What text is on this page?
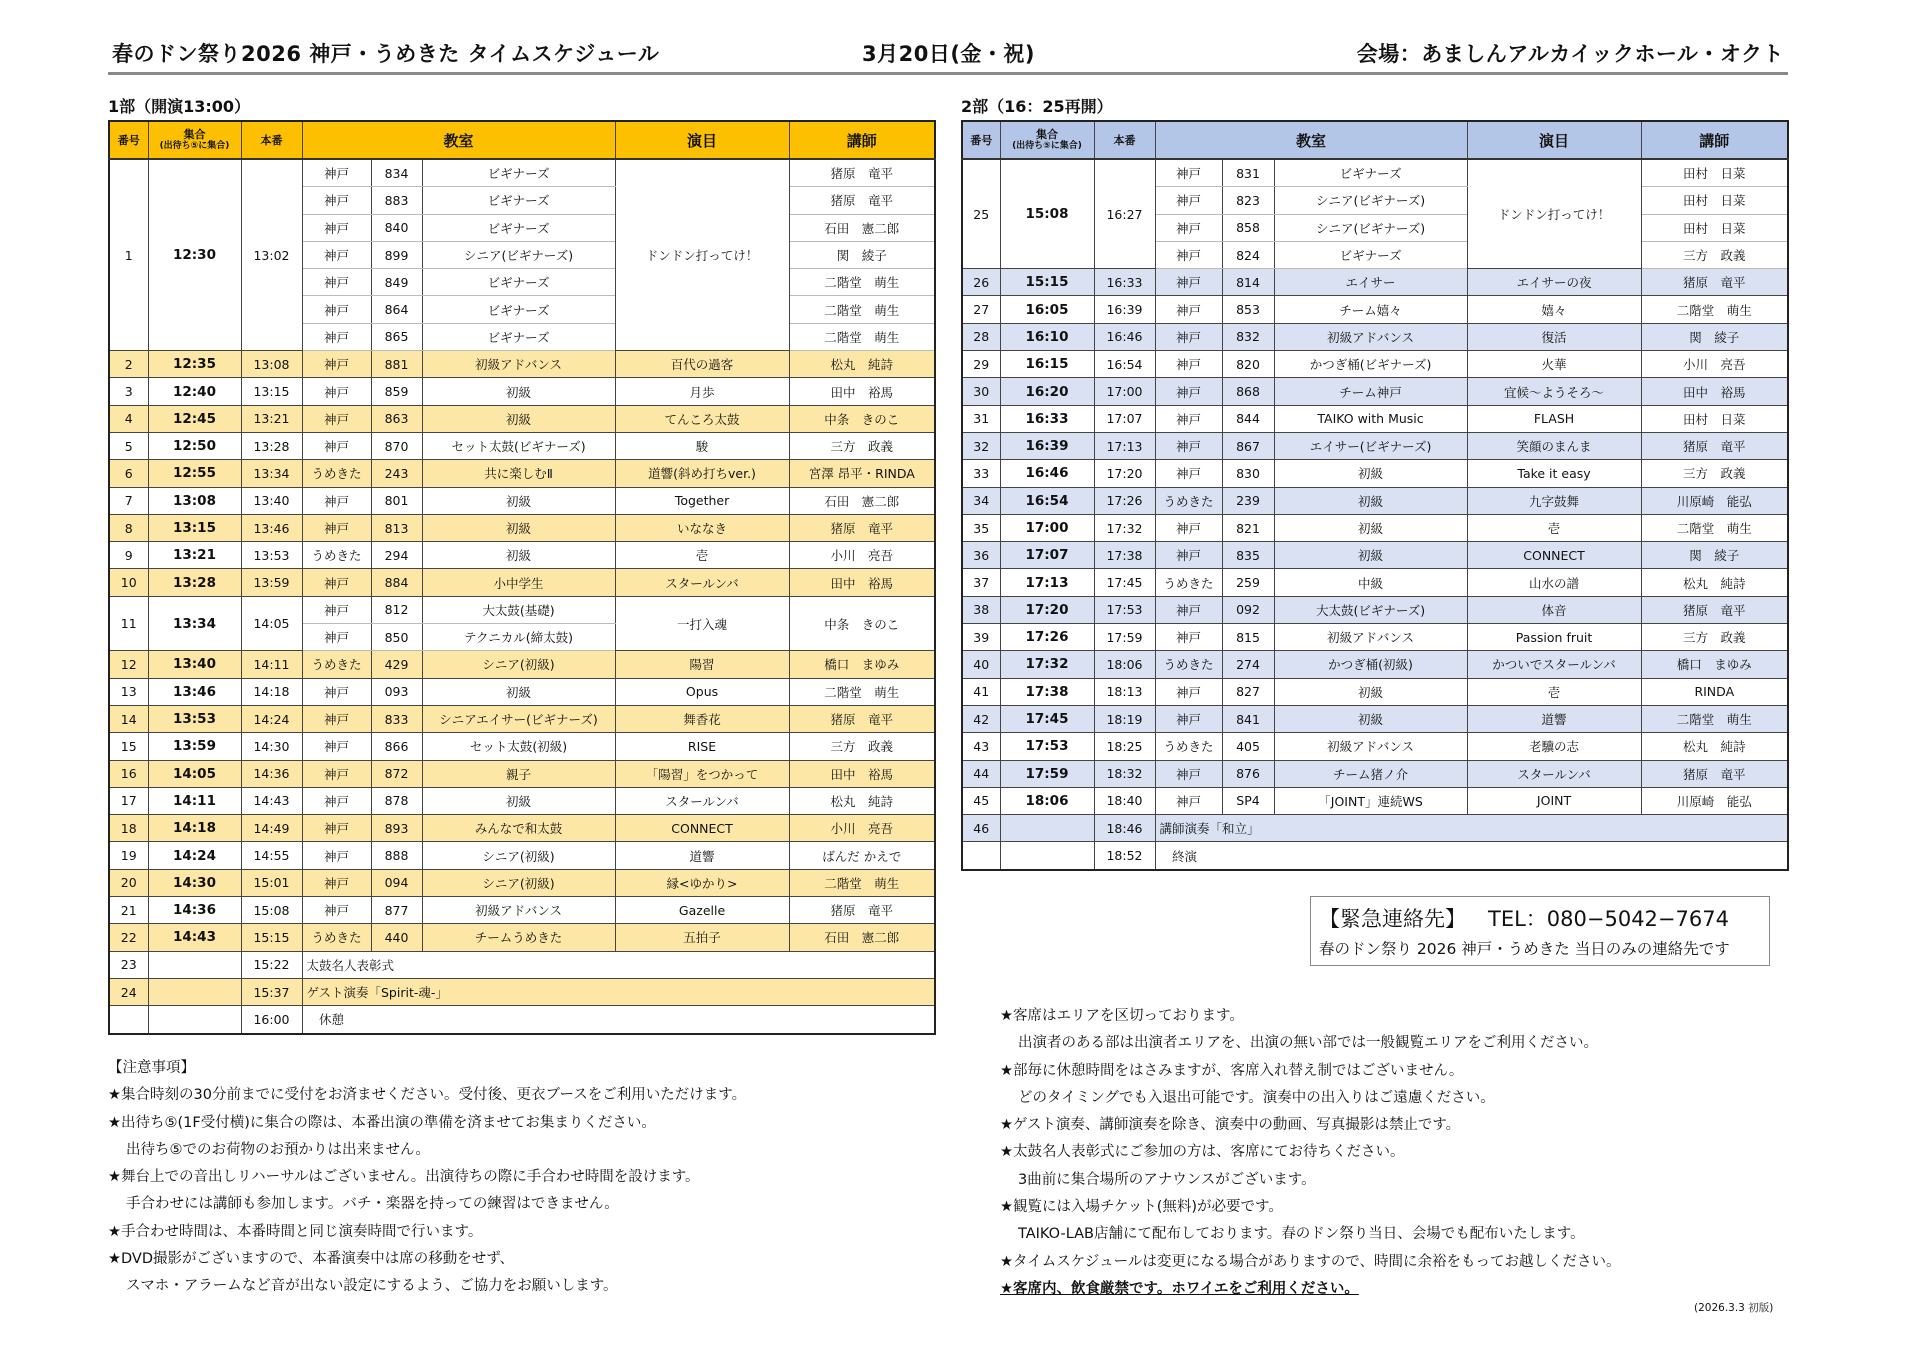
春のドン祭り2026 神戸・うめきた タイムスケジュール	3月20日(金・祝)	会場：あましんアルカイックホール・オクト
1部（開演13:00）	2部（16：25再開）
番号	集合
(出待ち⑤に集合)	本番	教室			演目	講師
1	12:30	13:02	神戸	834	ビギナーズ	ドンドン打ってけ！	猪原　竜平
			神戸	883	ビギナーズ		猪原　竜平
			神戸	840	ビギナーズ		石田　憲二郎
			神戸	899	シニア(ビギナーズ)		関　綾子
			神戸	849	ビギナーズ		二階堂　萌生
			神戸	864	ビギナーズ		二階堂　萌生
			神戸	865	ビギナーズ		二階堂　萌生
2	12:35	13:08	神戸	881	初級アドバンス	百代の過客	松丸　純詩
3	12:40	13:15	神戸	859	初級	月歩	田中　裕馬
4	12:45	13:21	神戸	863	初級	てんころ太鼓	中条　きのこ
5	12:50	13:28	神戸	870	セット太鼓(ビギナーズ)	駿	三方　政義
6	12:55	13:34	うめきた	243	共に楽しむⅡ	道響(斜め打ちver.)	宮澤 昂平・RINDA
7	13:08	13:40	神戸	801	初級	Together	石田　憲二郎
8	13:15	13:46	神戸	813	初級	いななき	猪原　竜平
9	13:21	13:53	うめきた	294	初級	壱	小川　亮吾
10	13:28	13:59	神戸	884	小中学生	スタールンバ	田中　裕馬
11	13:34	14:05	神戸	812	大太鼓(基礎)	一打入魂	中条　きのこ
			神戸	850	テクニカル(締太鼓)		
12	13:40	14:11	うめきた	429	シニア(初級)	陽習	橋口　まゆみ
13	13:46	14:18	神戸	093	初級	Opus	二階堂　萌生
14	13:53	14:24	神戸	833	シニアエイサー(ビギナーズ)	舞香花	猪原　竜平
15	13:59	14:30	神戸	866	セット太鼓(初級)	RISE	三方　政義
16	14:05	14:36	神戸	872	親子	「陽習」をつかって	田中　裕馬
17	14:11	14:43	神戸	878	初級	スタールンバ	松丸　純詩
18	14:18	14:49	神戸	893	みんなで和太鼓	CONNECT	小川　亮吾
19	14:24	14:55	神戸	888	シニア(初級)	道響	ばんだ かえで
20	14:30	15:01	神戸	094	シニア(初級)	縁<ゆかり>	二階堂　萌生
21	14:36	15:08	神戸	877	初級アドバンス	Gazelle	猪原　竜平
22	14:43	15:15	うめきた	440	チームうめきた	五拍子	石田　憲二郎
23		15:22	太鼓名人表彰式				
24		15:37	ゲスト演奏「Spirit-魂-」				
		16:00	　休憩				
番号	集合
(出待ち⑤に集合)	本番	教室			演目	講師
25	15:08	16:27	神戸	831	ビギナーズ	ドンドン打ってけ！	田村　日菜
			神戸	823	シニア(ビギナーズ)		田村　日菜
			神戸	858	シニア(ビギナーズ)		田村　日菜
			神戸	824	ビギナーズ		三方　政義
26	15:15	16:33	神戸	814	エイサー	エイサーの夜	猪原　竜平
27	16:05	16:39	神戸	853	チーム嬉々	嬉々	二階堂　萌生
28	16:10	16:46	神戸	832	初級アドバンス	復活	関　綾子
29	16:15	16:54	神戸	820	かつぎ桶(ビギナーズ)	火華	小川　亮吾
30	16:20	17:00	神戸	868	チーム神戸	宜候～ようそろ～	田中　裕馬
31	16:33	17:07	神戸	844	TAIKO with Music	FLASH	田村　日菜
32	16:39	17:13	神戸	867	エイサー(ビギナーズ)	笑顔のまんま	猪原　竜平
33	16:46	17:20	神戸	830	初級	Take it easy	三方　政義
34	16:54	17:26	うめきた	239	初級	九字鼓舞	川原崎　能弘
35	17:00	17:32	神戸	821	初級	壱	二階堂　萌生
36	17:07	17:38	神戸	835	初級	CONNECT	関　綾子
37	17:13	17:45	うめきた	259	中級	山水の譜	松丸　純詩
38	17:20	17:53	神戸	092	大太鼓(ビギナーズ)	体音	猪原　竜平
39	17:26	17:59	神戸	815	初級アドバンス	Passion fruit	三方　政義
40	17:32	18:06	うめきた	274	かつぎ桶(初級)	かついでスタールンバ	橋口　まゆみ
41	17:38	18:13	神戸	827	初級	壱	RINDA
42	17:45	18:19	神戸	841	初級	道響	二階堂　萌生
43	17:53	18:25	うめきた	405	初級アドバンス	老驥の志	松丸　純詩
44	17:59	18:32	神戸	876	チーム猪ノ介	スタールンバ	猪原　竜平
45	18:06	18:40	神戸	SP4	「JOINT」連続WS	JOINT	川原崎　能弘
46		18:46	講師演奏「和立」				
		18:52	　終演				
【緊急連絡先】 TEL：080−5042−7674
春のドン祭り 2026 神戸・うめきた 当日のみの連絡先です
【注意事項】
★集合時刻の30分前までに受付をお済ませください。受付後、更衣ブースをご利用いただけます。
★出待ち⑤(1F受付横)に集合の際は、本番出演の準備を済ませてお集まりください。
出待ち⑤でのお荷物のお預かりは出来ません。
★舞台上での音出しリハーサルはございません。出演待ちの際に手合わせ時間を設けます。
手合わせには講師も参加します。バチ・楽器を持っての練習はできません。
★手合わせ時間は、本番時間と同じ演奏時間で行います。
★DVD撮影がございますので、本番演奏中は席の移動をせず、
スマホ・アラームなど音が出ない設定にするよう、ご協力をお願いします。
★客席はエリアを区切っております。
出演者のある部は出演者エリアを、出演の無い部では一般観覧エリアをご利用ください。
★部毎に休憩時間をはさみますが、客席入れ替え制ではございません。
どのタイミングでも入退出可能です。演奏中の出入りはご遠慮ください。
★ゲスト演奏、講師演奏を除き、演奏中の動画、写真撮影は禁止です。
★太鼓名人表彰式にご参加の方は、客席にてお待ちください。
3曲前に集合場所のアナウンスがございます。
★観覧には入場チケット(無料)が必要です。
TAIKO-LAB店舗にて配布しております。春のドン祭り当日、会場でも配布いたします。
★タイムスケジュールは変更になる場合がありますので、時間に余裕をもってお越しください。
★客席内、飲食厳禁です。ホワイエをご利用ください。
(2026.3.3 初版)
